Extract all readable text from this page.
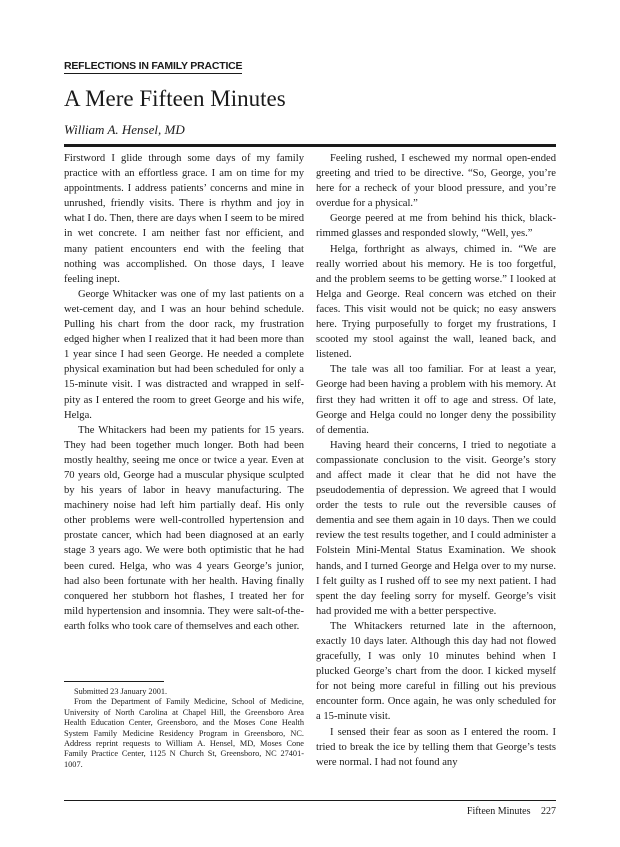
REFLECTIONS IN FAMILY PRACTICE
A Mere Fifteen Minutes
William A. Hensel, MD

Firstword I glide through some days of my family practice with an effortless grace. I am on time for my appointments. I address patients’ concerns and mine in unrushed, friendly visits. There is rhythm and joy in what I do. Then, there are days when I seem to be mired in wet concrete. I am neither fast nor efficient, and many patient encounters end with the feeling that nothing was accomplished. On those days, I leave feeling inept.

George Whitacker was one of my last patients on a wet-cement day, and I was an hour behind schedule. Pulling his chart from the door rack, my frustration edged higher when I realized that it had been more than 1 year since I had seen George. He needed a complete physical examination but had been scheduled for only a 15-minute visit. I was distracted and wrapped in self-pity as I entered the room to greet George and his wife, Helga.

The Whitackers had been my patients for 15 years. They had been together much longer. Both had been mostly healthy, seeing me once or twice a year. Even at 70 years old, George had a muscular physique sculpted by his years of labor in heavy manufacturing. The machinery noise had left him partially deaf. His only other problems were well-controlled hypertension and prostate cancer, which had been diagnosed at an early stage 3 years ago. We were both optimistic that he had been cured. Helga, who was 4 years George’s junior, had also been fortunate with her health. Having finally conquered her stubborn hot flashes, I treated her for mild hypertension and insomnia. They were salt-of-the-earth folks who took care of themselves and each other.

Feeling rushed, I eschewed my normal open-ended greeting and tried to be directive. “So, George, you’re here for a recheck of your blood pressure, and you’re overdue for a physical.”

George peered at me from behind his thick, black-rimmed glasses and responded slowly, “Well, yes.”

Helga, forthright as always, chimed in. “We are really worried about his memory. He is too forgetful, and the problem seems to be getting worse.” I looked at Helga and George. Real concern was etched on their faces. This visit would not be quick; no easy answers here. Trying purposefully to forget my frustrations, I scooted my stool against the wall, leaned back, and listened.

The tale was all too familiar. For at least a year, George had been having a problem with his memory. At first they had written it off to age and stress. Of late, George and Helga could no longer deny the possibility of dementia.

Having heard their concerns, I tried to negotiate a compassionate conclusion to the visit. George’s story and affect made it clear that he did not have the pseudodementia of depression. We agreed that I would order the tests to rule out the reversible causes of dementia and see them again in 10 days. Then we could review the test results together, and I could administer a Folstein Mini-Mental Status Examination. We shook hands, and I turned George and Helga over to my nurse. I felt guilty as I rushed off to see my next patient. I had spent the day feeling sorry for myself. George’s visit had provided me with a better perspective.

The Whitackers returned late in the afternoon, exactly 10 days later. Although this day had not flowed gracefully, I was only 10 minutes behind when I plucked George’s chart from the door. I kicked myself for not being more careful in filling out his previous encounter form. Once again, he was only scheduled for a 15-minute visit.

I sensed their fear as soon as I entered the room. I tried to break the ice by telling them that George’s tests were normal. I had not found any

Submitted 23 January 2001.

From the Department of Family Medicine, School of Medicine, University of North Carolina at Chapel Hill, the Greensboro Area Health Education Center, Greensboro, and the Moses Cone Health System Family Medicine Residency Program in Greensboro, NC. Address reprint requests to William A. Hensel, MD, Moses Cone Family Practice Center, 1125 N Church St, Greensboro, NC 27401-1007.

Fifteen Minutes 227
